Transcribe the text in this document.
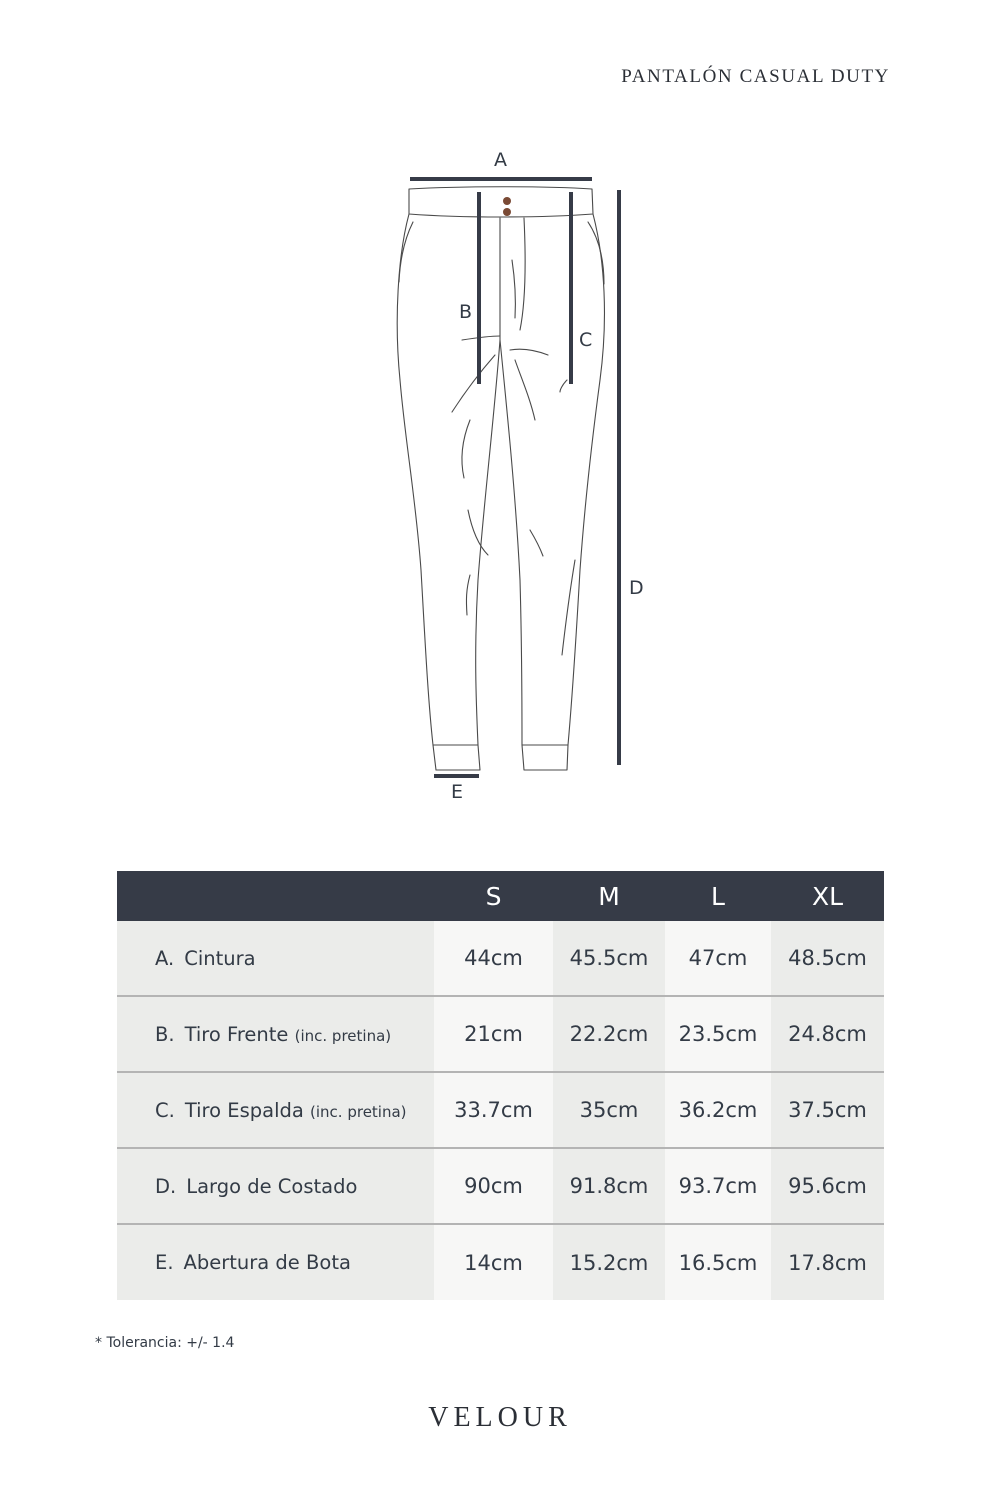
PANTALÓN CASUAL DUTY
A
B
C
D
E
	S	M	L	XL
A. Cintura	44cm	45.5cm	47cm	48.5cm
B. Tiro Frente (inc. pretina)	21cm	22.2cm	23.5cm	24.8cm
C. Tiro Espalda (inc. pretina)	33.7cm	35cm	36.2cm	37.5cm
D. Largo de Costado	90cm	91.8cm	93.7cm	95.6cm
E. Abertura de Bota	14cm	15.2cm	16.5cm	17.8cm
* Tolerancia: +/- 1.4
VELOUR
